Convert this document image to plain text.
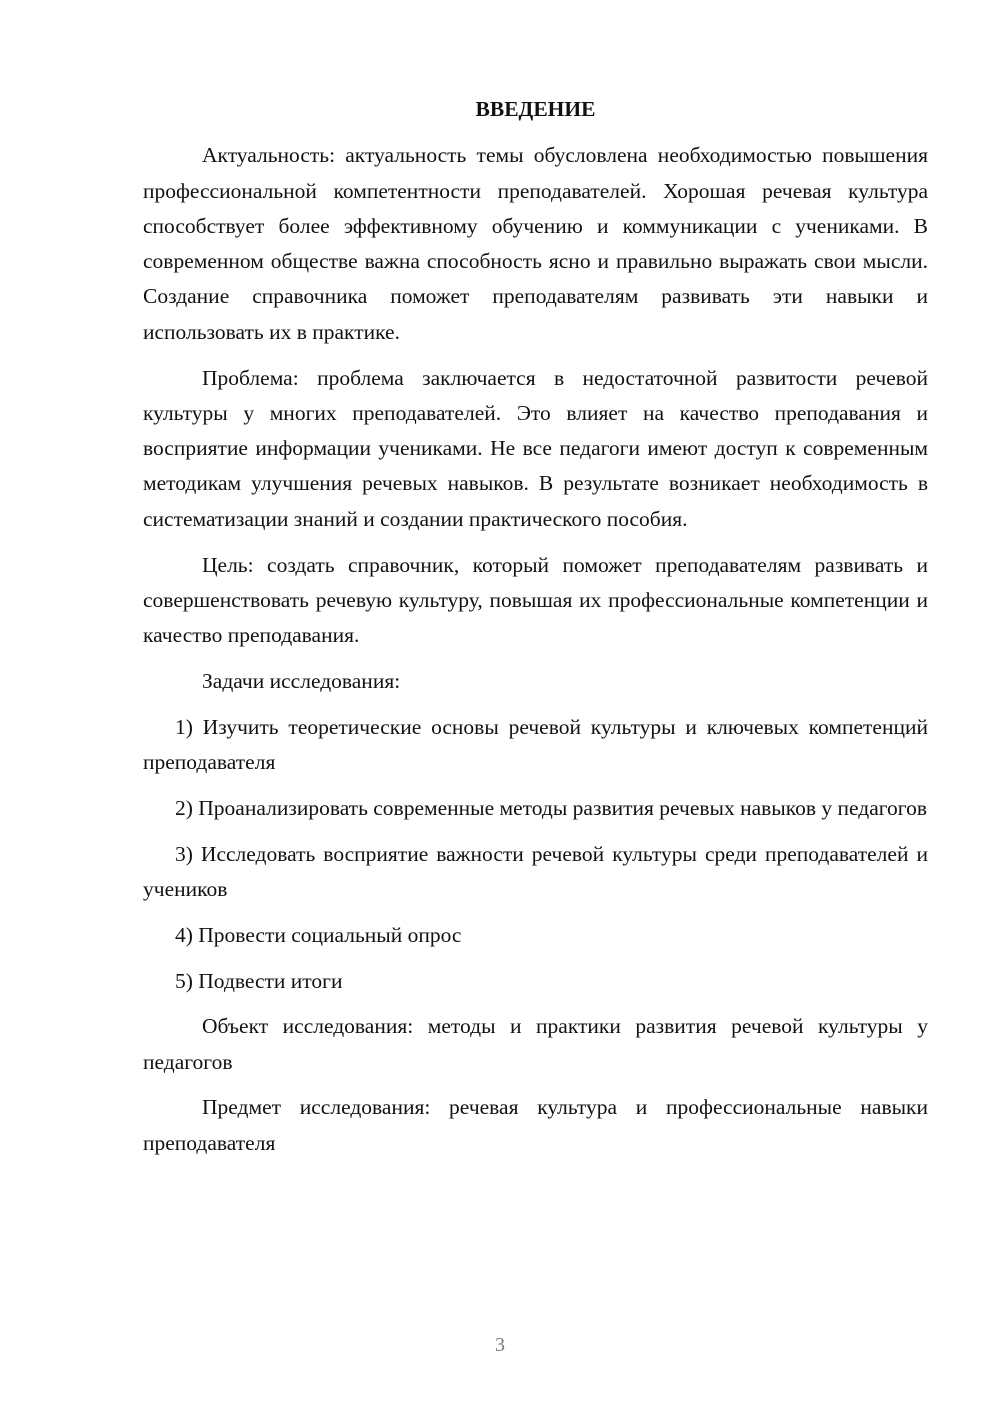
ВВЕДЕНИЕ

Актуальность: актуальность темы обусловлена необходимостью повышения профессиональной компетентности преподавателей. Хорошая речевая культура способствует более эффективному обучению и коммуникации с учениками. В современном обществе важна способность ясно и правильно выражать свои мысли. Создание справочника поможет преподавателям развивать эти навыки и использовать их в практике.

Проблема: проблема заключается в недостаточной развитости речевой культуры у многих преподавателей. Это влияет на качество преподавания и восприятие информации учениками. Не все педагоги имеют доступ к современным методикам улучшения речевых навыков. В результате возникает необходимость в систематизации знаний и создании практического пособия.

Цель: создать справочник, который поможет преподавателям развивать и совершенствовать речевую культуру, повышая их профессиональные компетенции и качество преподавания.

Задачи исследования:

1) Изучить теоретические основы речевой культуры и ключевых компетенций преподавателя

2) Проанализировать современные методы развития речевых навыков у педагогов

3) Исследовать восприятие важности речевой культуры среди преподавателей и учеников

4) Провести социальный опрос

5) Подвести итоги

Объект исследования: методы и практики развития речевой культуры у педагогов

Предмет исследования: речевая культура и профессиональные навыки преподавателя

3
